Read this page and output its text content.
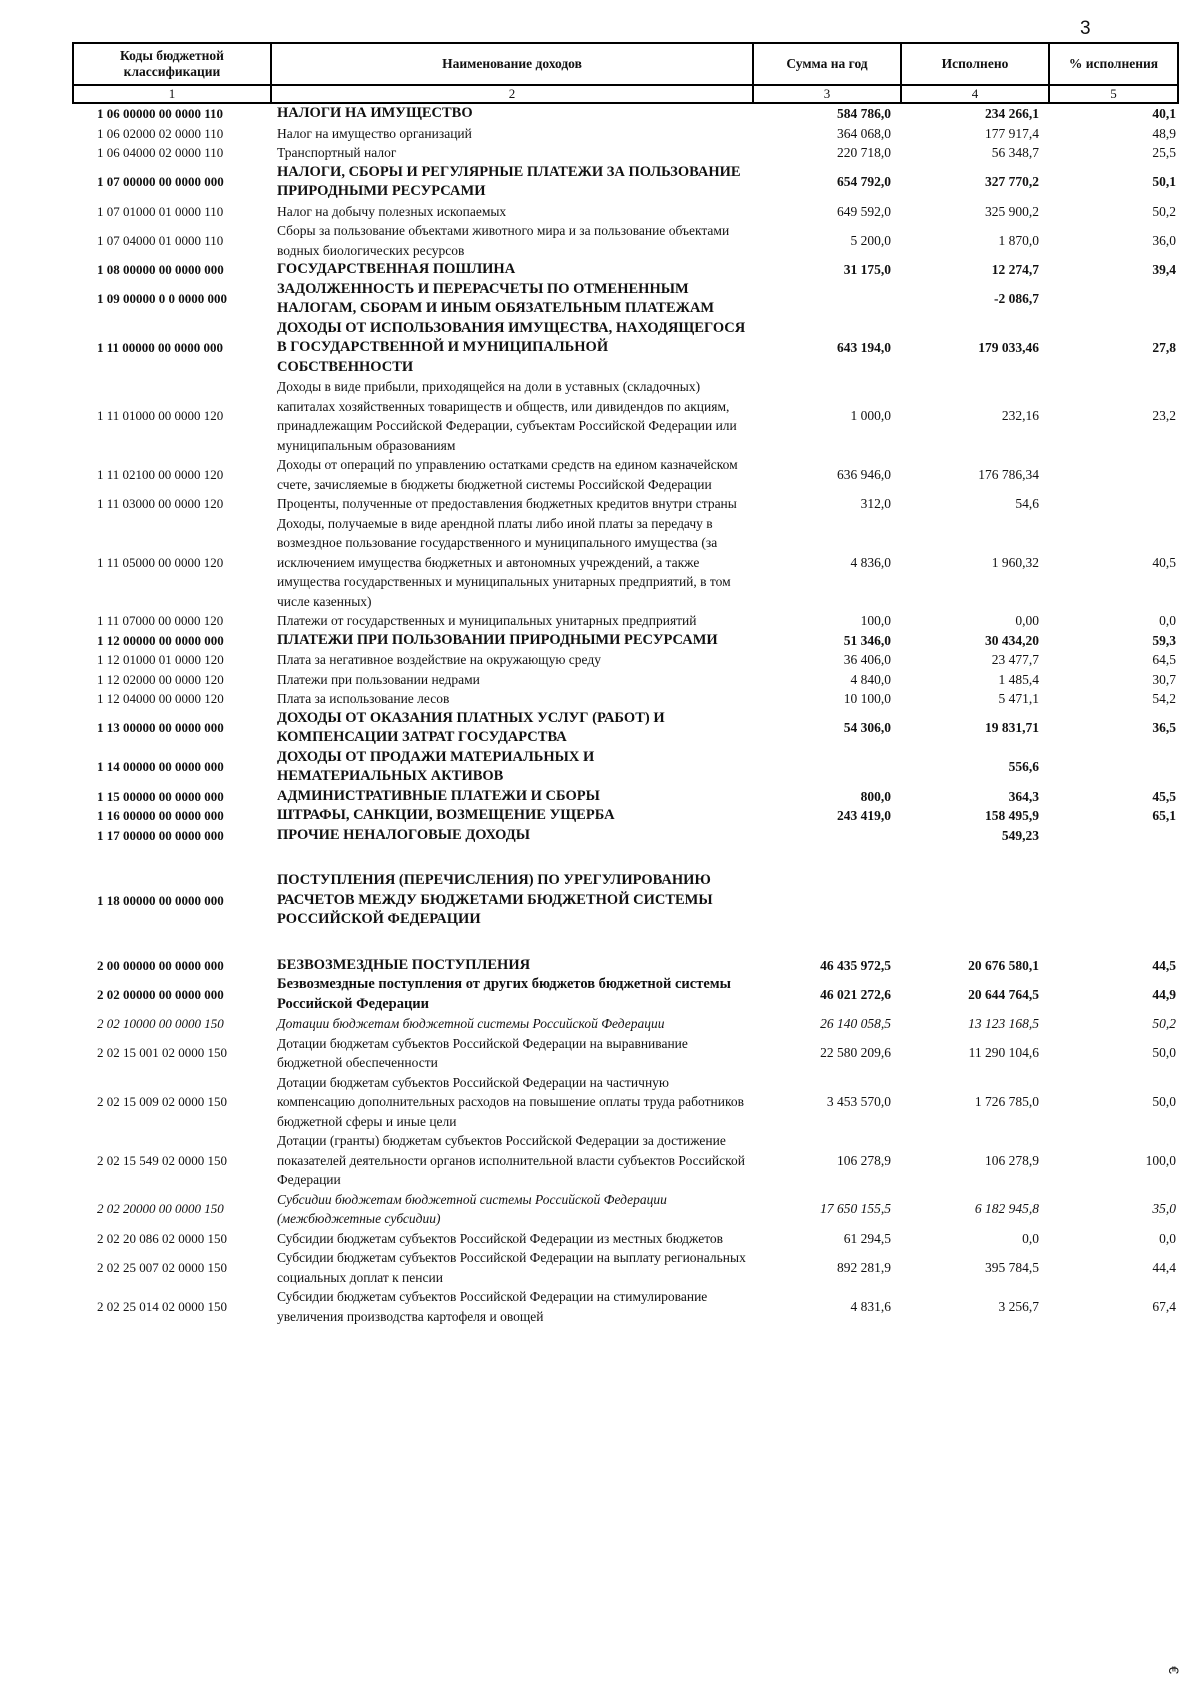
3
Коды бюджетной классификации	Наименование доходов	Сумма на год	Исполнено	% исполнения
1	2	3	4	5
1 06 00000 00 0000 110	НАЛОГИ НА ИМУЩЕСТВО	584 786,0	234 266,1	40,1
1 06 02000 02 0000 110	Налог на имущество организаций	364 068,0	177 917,4	48,9
1 06 04000 02 0000 110	Транспортный налог	220 718,0	56 348,7	25,5
1 07 00000 00 0000 000	НАЛОГИ, СБОРЫ И РЕГУЛЯРНЫЕ ПЛАТЕЖИ ЗА ПОЛЬЗОВАНИЕ ПРИРОДНЫМИ РЕСУРСАМИ	654 792,0	327 770,2	50,1
1 07 01000 01 0000 110	Налог на добычу полезных ископаемых	649 592,0	325 900,2	50,2
1 07 04000 01 0000 110	Сборы за пользование объектами животного мира и за пользование объектами водных биологических ресурсов	5 200,0	1 870,0	36,0
1 08 00000 00 0000 000	ГОСУДАРСТВЕННАЯ ПОШЛИНА	31 175,0	12 274,7	39,4
1 09 00000 0 0 0000 000	ЗАДОЛЖЕННОСТЬ И ПЕРЕРАСЧЕТЫ ПО ОТМЕНЕННЫМ НАЛОГАМ, СБОРАМ И ИНЫМ ОБЯЗАТЕЛЬНЫМ ПЛАТЕЖАМ		-2 086,7	
1 11 00000 00 0000 000	ДОХОДЫ ОТ ИСПОЛЬЗОВАНИЯ ИМУЩЕСТВА, НАХОДЯЩЕГОСЯ В ГОСУДАРСТВЕННОЙ И МУНИЦИПАЛЬНОЙ СОБСТВЕННОСТИ	643 194,0	179 033,46	27,8
1 11 01000 00 0000 120	Доходы в виде прибыли, приходящейся на доли в уставных (складочных) капиталах хозяйственных товариществ и обществ, или дивидендов по акциям, принадлежащим Российской Федерации, субъектам Российской Федерации или муниципальным образованиям	1 000,0	232,16	23,2
1 11 02100 00 0000 120	Доходы от операций по управлению остатками средств на едином казначейском счете, зачисляемые в бюджеты бюджетной системы Российской Федерации	636 946,0	176 786,34	
1 11 03000 00 0000 120	Проценты, полученные от предоставления бюджетных кредитов внутри страны	312,0	54,6	
1 11 05000 00 0000 120	Доходы, получаемые в виде арендной платы либо иной платы за передачу в возмездное пользование государственного и муниципального имущества (за исключением имущества бюджетных и автономных учреждений, а также имущества государственных и муниципальных унитарных предприятий, в том числе казенных)	4 836,0	1 960,32	40,5
1 11 07000 00 0000 120	Платежи от государственных и муниципальных унитарных предприятий	100,0	0,00	0,0
1 12 00000 00 0000 000	ПЛАТЕЖИ ПРИ ПОЛЬЗОВАНИИ ПРИРОДНЫМИ РЕСУРСАМИ	51 346,0	30 434,20	59,3
1 12 01000 01 0000 120	Плата за негативное воздействие на окружающую среду	36 406,0	23 477,7	64,5
1 12 02000 00 0000 120	Платежи при пользовании недрами	4 840,0	1 485,4	30,7
1 12 04000 00 0000 120	Плата за использование лесов	10 100,0	5 471,1	54,2
1 13 00000 00 0000 000	ДОХОДЫ ОТ ОКАЗАНИЯ ПЛАТНЫХ УСЛУГ (РАБОТ) И КОМПЕНСАЦИИ ЗАТРАТ ГОСУДАРСТВА	54 306,0	19 831,71	36,5
1 14 00000 00 0000 000	ДОХОДЫ ОТ ПРОДАЖИ МАТЕРИАЛЬНЫХ И НЕМАТЕРИАЛЬНЫХ АКТИВОВ		556,6	
1 15 00000 00 0000 000	АДМИНИСТРАТИВНЫЕ ПЛАТЕЖИ И СБОРЫ	800,0	364,3	45,5
1 16 00000 00 0000 000	ШТРАФЫ, САНКЦИИ, ВОЗМЕЩЕНИЕ УЩЕРБА	243 419,0	158 495,9	65,1
1 17 00000 00 0000 000	ПРОЧИЕ НЕНАЛОГОВЫЕ ДОХОДЫ		549,23	

1 18 00000 00 0000 000	ПОСТУПЛЕНИЯ (ПЕРЕЧИСЛЕНИЯ) ПО УРЕГУЛИРОВАНИЮ РАСЧЕТОВ МЕЖДУ БЮДЖЕТАМИ БЮДЖЕТНОЙ СИСТЕМЫ РОССИЙСКОЙ ФЕДЕРАЦИИ			

2 00 00000 00 0000 000	БЕЗВОЗМЕЗДНЫЕ ПОСТУПЛЕНИЯ	46 435 972,5	20 676 580,1	44,5
2 02 00000 00 0000 000	Безвозмездные поступления от других бюджетов бюджетной системы Российской Федерации	46 021 272,6	20 644 764,5	44,9
2 02 10000 00 0000 150	Дотации бюджетам бюджетной системы Российской Федерации	26 140 058,5	13 123 168,5	50,2
2 02 15 001 02 0000 150	Дотации бюджетам субъектов Российской Федерации на выравнивание бюджетной обеспеченности	22 580 209,6	11 290 104,6	50,0
2 02 15 009 02 0000 150	Дотации бюджетам субъектов Российской Федерации на частичную компенсацию дополнительных расходов на повышение оплаты труда работников бюджетной сферы и иные цели	3 453 570,0	1 726 785,0	50,0
2 02 15 549 02 0000 150	Дотации (гранты) бюджетам субъектов Российской Федерации за достижение показателей деятельности органов исполнительной власти субъектов Российской Федерации	106 278,9	106 278,9	100,0
2 02 20000 00 0000 150	Субсидии бюджетам бюджетной системы Российской Федерации (межбюджетные субсидии)	17 650 155,5	6 182 945,8	35,0
2 02 20 086 02 0000 150	Субсидии бюджетам субъектов Российской Федерации из местных бюджетов	61 294,5	0,0	0,0
2 02 25 007 02 0000 150	Субсидии бюджетам субъектов Российской Федерации на выплату региональных социальных доплат к пенсии	892 281,9	395 784,5	44,4
2 02 25 014 02 0000 150	Субсидии бюджетам субъектов Российской Федерации на стимулирование увеличения производства картофеля и овощей	4 831,6	3 256,7	67,4
€
